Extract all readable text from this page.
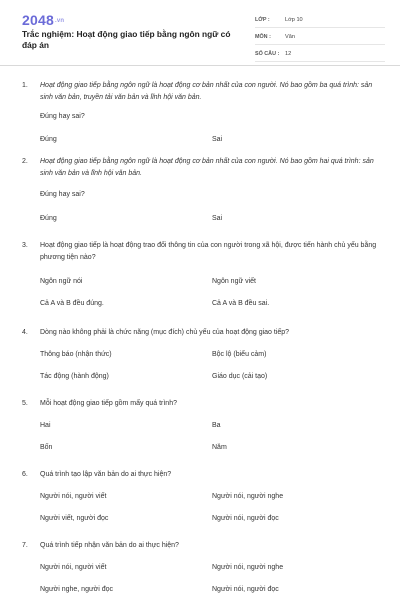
2048.vn
Trắc nghiệm: Hoạt động giao tiếp bằng ngôn ngữ có đáp án
LỚP :	Lớp 10
MÔN :	Văn
SỐ CÂU : 12
1. Hoạt động giao tiếp bằng ngôn ngữ là hoạt động cơ bản nhất của con người. Nó bao gồm ba quá trình: sản sinh văn bản, truyền tải văn bản và lĩnh hội văn bản.
Đúng hay sai?
Đúng	Sai
2. Hoạt động giao tiếp bằng ngôn ngữ là hoạt động cơ bản nhất của con người. Nó bao gồm hai quá trình: sản sinh văn bản và lĩnh hội văn bản.
Đúng hay sai?
Đúng	Sai
3. Hoạt động giao tiếp là hoạt động trao đổi thông tin của con người trong xã hội, được tiến hành chủ yếu bằng phương tiện nào?
Ngôn ngữ nói	Ngôn ngữ viết
Cả A và B đều đúng.	Cả A và B đều sai.
4. Dòng nào không phải là chức năng (mục đích) chủ yếu của hoạt động giao tiếp?
Thông báo (nhận thức)	Bộc lộ (biểu cảm)
Tác động (hành động)	Giáo dục (cải tạo)
5. Mỗi hoạt động giao tiếp gồm mấy quá trình?
Hai	Ba
Bốn	Năm
6. Quá trình tạo lập văn bản do ai thực hiện?
Người nói, người viết	Người nói, người nghe
Người viết, người đọc	Người nói, người đọc
7. Quá trình tiếp nhận văn bản do ai thực hiện?
Người nói, người viết	Người nói, người nghe
Người nghe, người đọc	Người nói, người đọc
